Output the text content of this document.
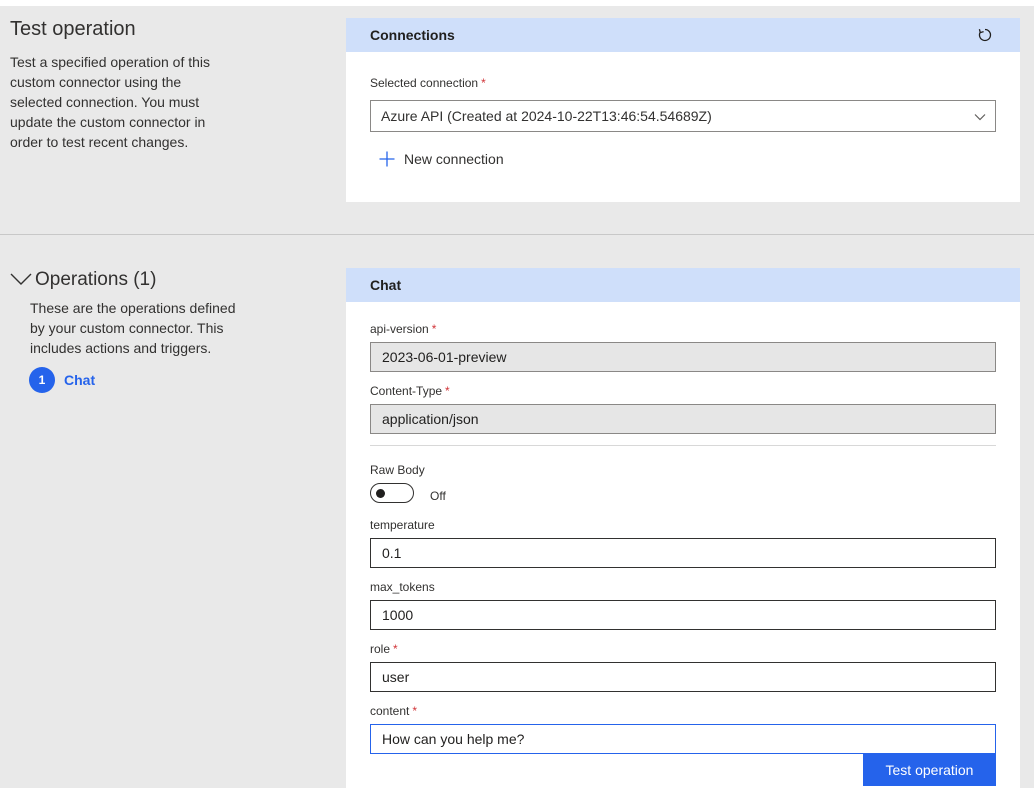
Test operation
Test a specified operation of this
custom connector using the
selected connection. You must
update the custom connector in
order to test recent changes.
Connections
Selected connection *
Azure API (Created at 2024-10-22T13:46:54.54689Z)
New connection
Operations (1)
These are the operations defined
by your custom connector. This
includes actions and triggers.
1	Chat
Chat
api-version *
2023-06-01-preview
Content-Type *
application/json
Raw Body
Off
temperature
0.1
max_tokens
1000
role *
user
content *
How can you help me?
Test operation
